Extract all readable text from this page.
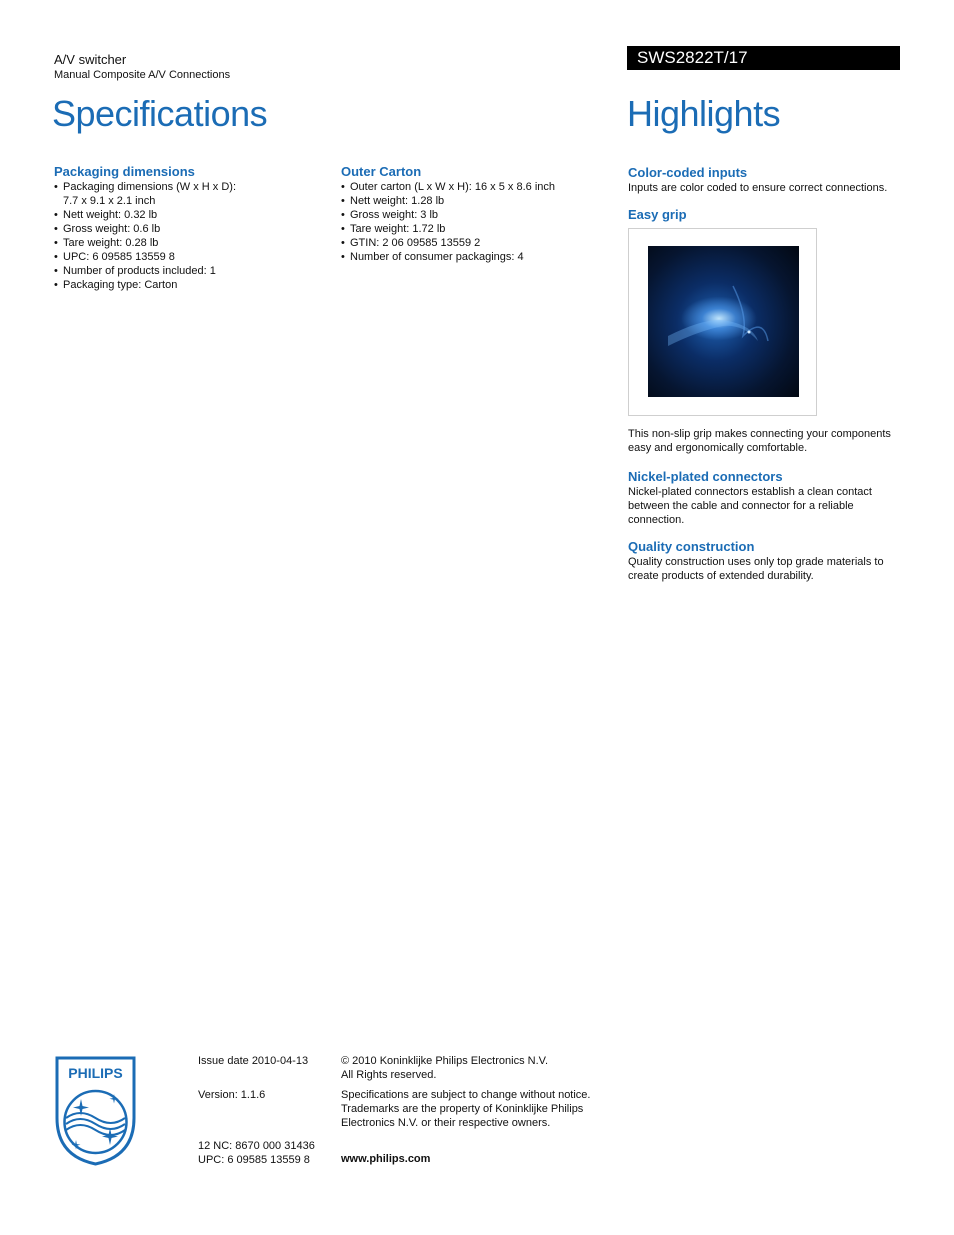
A/V switcher
Manual Composite A/V Connections
Specifications
SWS2822T/17
Highlights
Packaging dimensions
• Packaging dimensions (W x H x D):
7.7 x 9.1 x 2.1 inch
• Nett weight: 0.32 lb
• Gross weight: 0.6 lb
• Tare weight: 0.28 lb
• UPC: 6 09585 13559 8
• Number of products included: 1
• Packaging type: Carton
Outer Carton
• Outer carton (L x W x H): 16 x 5 x 8.6 inch
• Nett weight: 1.28 lb
• Gross weight: 3 lb
• Tare weight: 1.72 lb
• GTIN: 2 06 09585 13559 2
• Number of consumer packagings: 4
Color-coded inputs

Inputs are color coded to ensure correct connections.

Easy grip

This non-slip grip makes connecting your components easy and ergonomically comfortable.

Nickel-plated connectors

Nickel-plated connectors establish a clean contact between the cable and connector for a reliable connection.

Quality construction

Quality construction uses only top grade materials to create products of extended durability.

PHILIPS
Issue date 2010-04-13
Version: 1.1.6
12 NC: 8670 000 31436
UPC: 6 09585 13559 8
© 2010 Koninklijke Philips Electronics N.V.
All Rights reserved.
Specifications are subject to change without notice. Trademarks are the property of Koninklijke Philips Electronics N.V. or their respective owners.
www.philips.com
